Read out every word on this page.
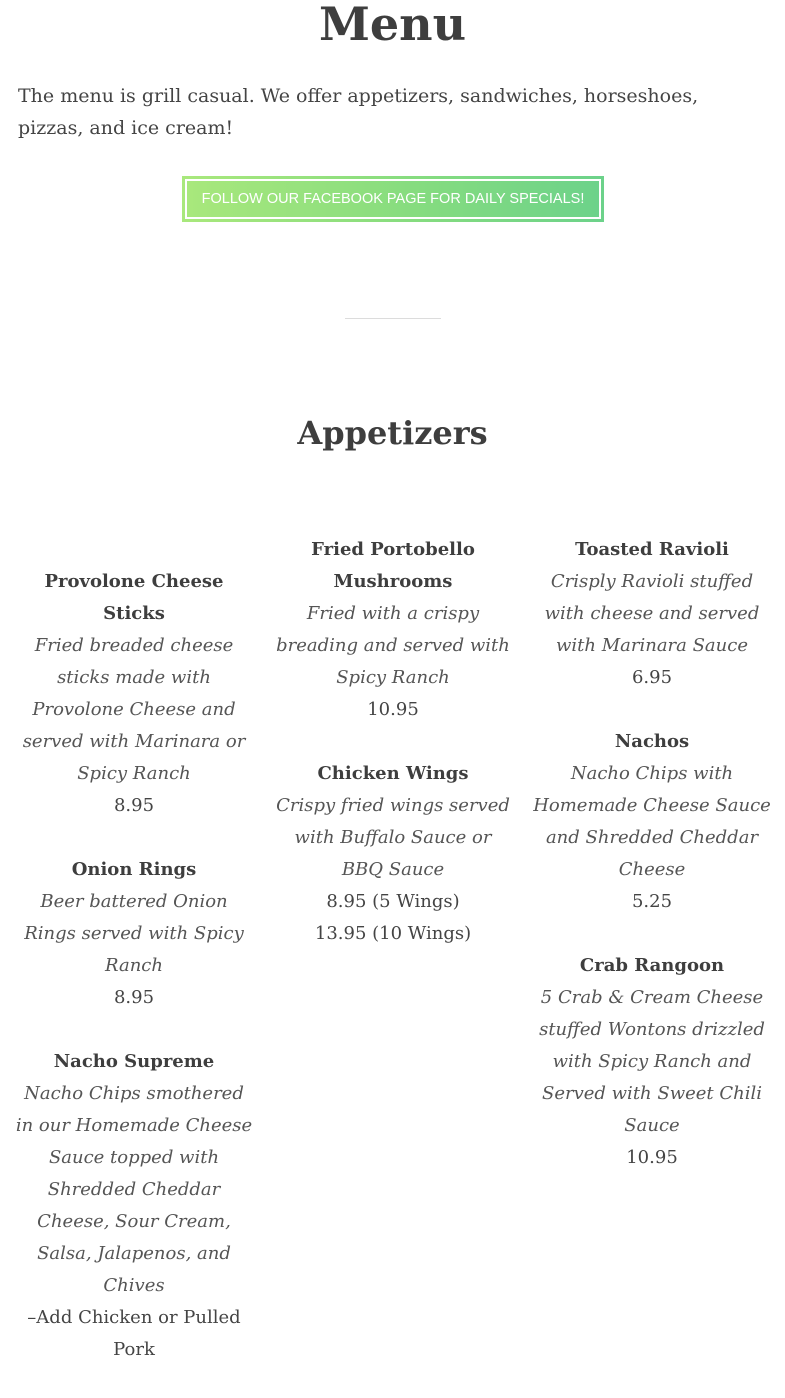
Menu

The menu is grill casual. We offer appetizers, sandwiches, horseshoes, pizzas, and ice cream!

FOLLOW OUR FACEBOOK PAGE FOR DAILY SPECIALS!
Appetizers
Provolone Cheese Sticks
Fried breaded cheese sticks made with Provolone Cheese and served with Marinara or Spicy Ranch
8.95
Onion Rings
Beer battered Onion Rings served with Spicy Ranch
8.95
Nacho Supreme
Nacho Chips smothered in our Homemade Cheese Sauce topped with Shredded Cheddar Cheese, Sour Cream, Salsa, Jalapenos, and Chives
–Add Chicken or Pulled Pork
Fried Portobello Mushrooms
Fried with a crispy breading and served with Spicy Ranch
10.95
Chicken Wings
Crispy fried wings served with Buffalo Sauce or BBQ Sauce
8.95 (5 Wings)
13.95 (10 Wings)
Toasted Ravioli
Crisply Ravioli stuffed with cheese and served with Marinara Sauce
6.95
Nachos
Nacho Chips with Homemade Cheese Sauce and Shredded Cheddar Cheese
5.25
Crab Rangoon
5 Crab & Cream Cheese stuffed Wontons drizzled with Spicy Ranch and Served with Sweet Chili Sauce
10.95
